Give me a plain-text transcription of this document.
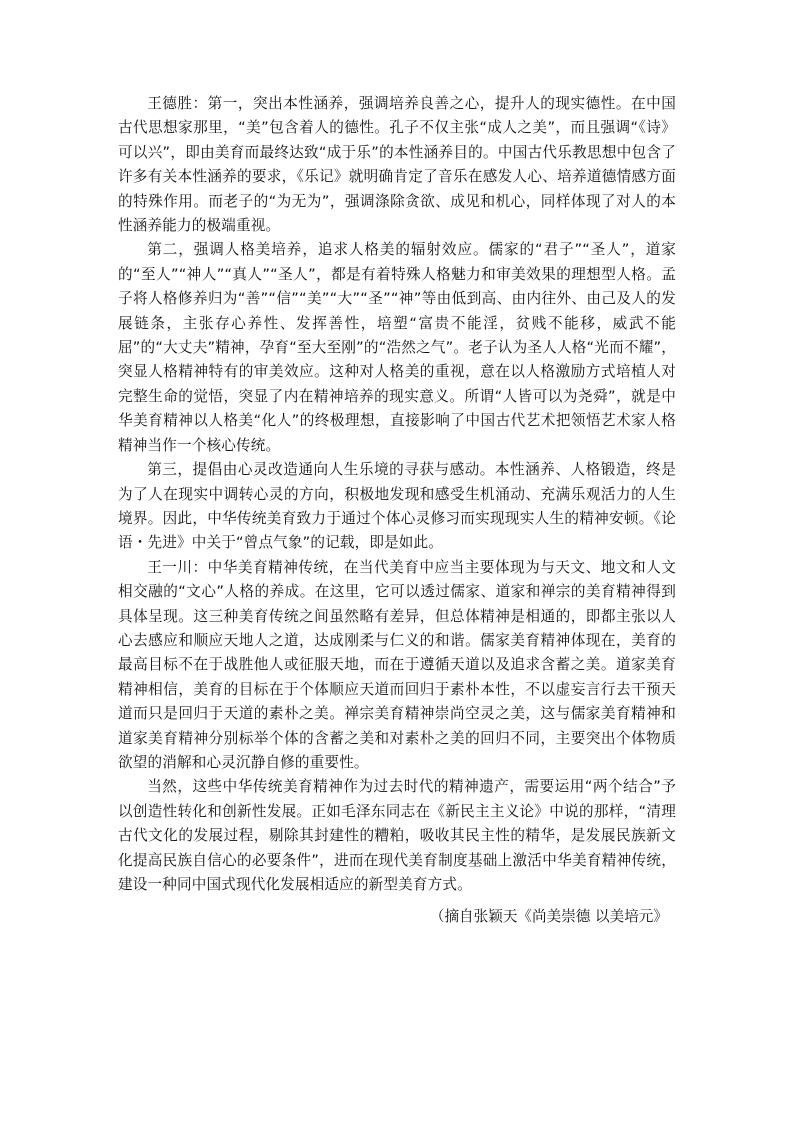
王德胜：第一，突出本性涵养，强调培养良善之心，提升人的现实德性。在中国古代思想家那里，“美”包含着人的德性。孔子不仅主张“成人之美”，而且强调“《诗》可以兴”，即由美育而最终达致“成于乐”的本性涵养目的。中国古代乐教思想中包含了许多有关本性涵养的要求，《乐记》就明确肯定了音乐在感发人心、培养道德情感方面的特殊作用。而老子的“为无为”，强调涤除贪欲、成见和机心，同样体现了对人的本性涵养能力的极端重视。

第二，强调人格美培养，追求人格美的辐射效应。儒家的“君子”“圣人”，道家的“至人”“神人”“真人”“圣人”，都是有着特殊人格魅力和审美效果的理想型人格。孟子将人格修养归为“善”“信”“美”“大”“圣”“神”等由低到高、由内往外、由己及人的发展链条，主张存心养性、发挥善性，培塑“富贵不能淫，贫贱不能移，威武不能屈”的“大丈夫”精神，孕育“至大至刚”的“浩然之气”。老子认为圣人人格“光而不耀”，突显人格精神特有的审美效应。这种对人格美的重视，意在以人格激励方式培植人对完整生命的觉悟，突显了内在精神培养的现实意义。所谓“人皆可以为尧舜”，就是中华美育精神以人格美“化人”的终极理想，直接影响了中国古代艺术把领悟艺术家人格精神当作一个核心传统。

第三，提倡由心灵改造通向人生乐境的寻获与感动。本性涵养、人格锻造，终是为了人在现实中调转心灵的方向，积极地发现和感受生机涌动、充满乐观活力的人生境界。因此，中华传统美育致力于通过个体心灵修习而实现现实人生的精神安顿。《论语・先进》中关于“曾点气象”的记载，即是如此。

王一川：中华美育精神传统，在当代美育中应当主要体现为与天文、地文和人文相交融的“文心”人格的养成。在这里，它可以透过儒家、道家和禅宗的美育精神得到具体呈现。这三种美育传统之间虽然略有差异，但总体精神是相通的，即都主张以人心去感应和顺应天地人之道，达成刚柔与仁义的和谐。儒家美育精神体现在，美育的最高目标不在于战胜他人或征服天地，而在于遵循天道以及追求含蓄之美。道家美育精神相信，美育的目标在于个体顺应天道而回归于素朴本性，不以虚妄言行去干预天道而只是回归于天道的素朴之美。禅宗美育精神崇尚空灵之美，这与儒家美育精神和道家美育精神分别标举个体的含蓄之美和对素朴之美的回归不同，主要突出个体物质欲望的消解和心灵沉静自修的重要性。

当然，这些中华传统美育精神作为过去时代的精神遗产，需要运用“两个结合”予以创造性转化和创新性发展。正如毛泽东同志在《新民主主义论》中说的那样，“清理古代文化的发展过程，剔除其封建性的糟粕，吸收其民主性的精华，是发展民族新文化提高民族自信心的必要条件”，进而在现代美育制度基础上激活中华美育精神传统，建设一种同中国式现代化发展相适应的新型美育方式。

（摘自张颖天《尚美崇德 以美培元》
